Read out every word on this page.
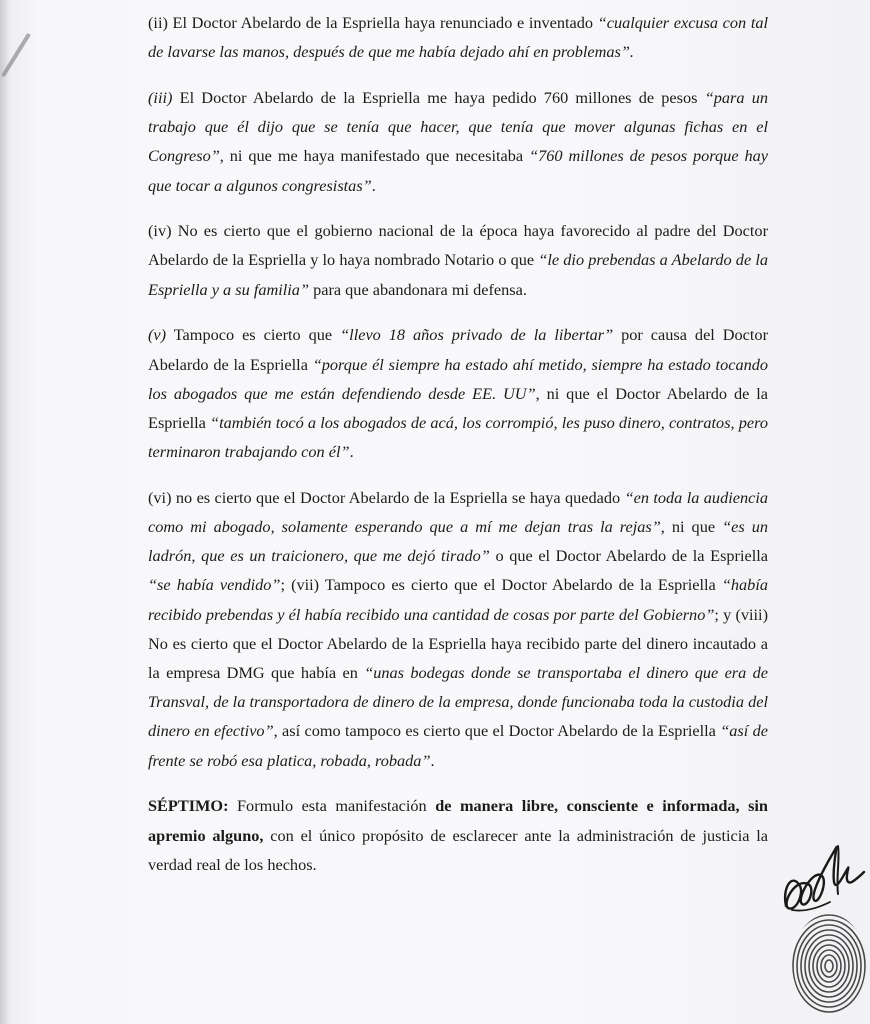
(ii) El Doctor Abelardo de la Espriella haya renunciado e inventado “cualquier excusa con tal de lavarse las manos, después de que me había dejado ahí en problemas”.

(iii) El Doctor Abelardo de la Espriella me haya pedido 760 millones de pesos “para un trabajo que él dijo que se tenía que hacer, que tenía que mover algunas fichas en el Congreso”, ni que me haya manifestado que necesitaba “760 millones de pesos porque hay que tocar a algunos congresistas”.

(iv) No es cierto que el gobierno nacional de la época haya favorecido al padre del Doctor Abelardo de la Espriella y lo haya nombrado Notario o que “le dio prebendas a Abelardo de la Espriella y a su familia” para que abandonara mi defensa.

(v) Tampoco es cierto que “llevo 18 años privado de la libertar” por causa del Doctor Abelardo de la Espriella “porque él siempre ha estado ahí metido, siempre ha estado tocando los abogados que me están defendiendo desde EE. UU”, ni que el Doctor Abelardo de la Espriella “también tocó a los abogados de acá, los corrompió, les puso dinero, contratos, pero terminaron trabajando con él”.

(vi) no es cierto que el Doctor Abelardo de la Espriella se haya quedado “en toda la audiencia como mi abogado, solamente esperando que a mí me dejan tras la rejas”, ni que “es un ladrón, que es un traicionero, que me dejó tirado” o que el Doctor Abelardo de la Espriella “se había vendido”; (vii) Tampoco es cierto que el Doctor Abelardo de la Espriella “había recibido prebendas y él había recibido una cantidad de cosas por parte del Gobierno”; y (viii) No es cierto que el Doctor Abelardo de la Espriella haya recibido parte del dinero incautado a la empresa DMG que había en “unas bodegas donde se transportaba el dinero que era de Transval, de la transportadora de dinero de la empresa, donde funcionaba toda la custodia del dinero en efectivo”, así como tampoco es cierto que el Doctor Abelardo de la Espriella “así de frente se robó esa platica, robada, robada”.

SÉPTIMO: Formulo esta manifestación de manera libre, consciente e informada, sin apremio alguno, con el único propósito de esclarecer ante la administración de justicia la verdad real de los hechos.
